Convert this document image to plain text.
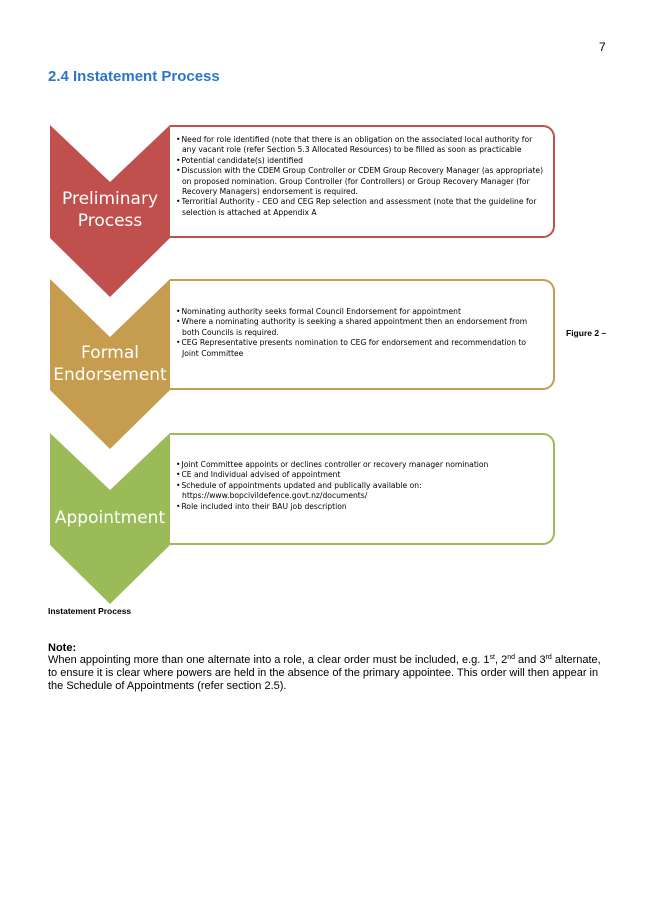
7
2.4 Instatement Process
Preliminary
Process
Formal
Endorsement
Appointment
• Need for role identified (note that there is an obligation on the associated local authority for any vacant role (refer Section 5.3 Allocated Resources) to be filled as soon as practicable
• Potential candidate(s) identified
• Discussion with the CDEM Group Controller or CDEM Group Recovery Manager (as appropriate) on proposed nomination. Group Controller (for Controllers) or Group Recovery Manager (for Recovery Managers) endorsement is required.
• Terroritial Authority - CEO and CEG Rep selection and assessment (note that the guideline for selection is attached at Appendix A
• Nominating authority seeks formal Council Endorsement for appointment
• Where a nominating authority is seeking a shared appointment then an endorsement from both Councils is required.
• CEG Representative presents nomination to CEG for endorsement and recommendation to Joint Committee
• Joint Committee appoints or declines controller or recovery manager nomination
• CE and Individual advised of appointment
• Schedule of appointments updated and publically available on: https://www.bopcivildefence.govt.nz/documents/
• Role included into their BAU job description
Figure 2 –
Instatement Process
Note:
When appointing more than one alternate into a role, a clear order must be included, e.g. 1st, 2nd and 3rd alternate, to ensure it is clear where powers are held in the absence of the primary appointee. This order will then appear in the Schedule of Appointments (refer section 2.5).
